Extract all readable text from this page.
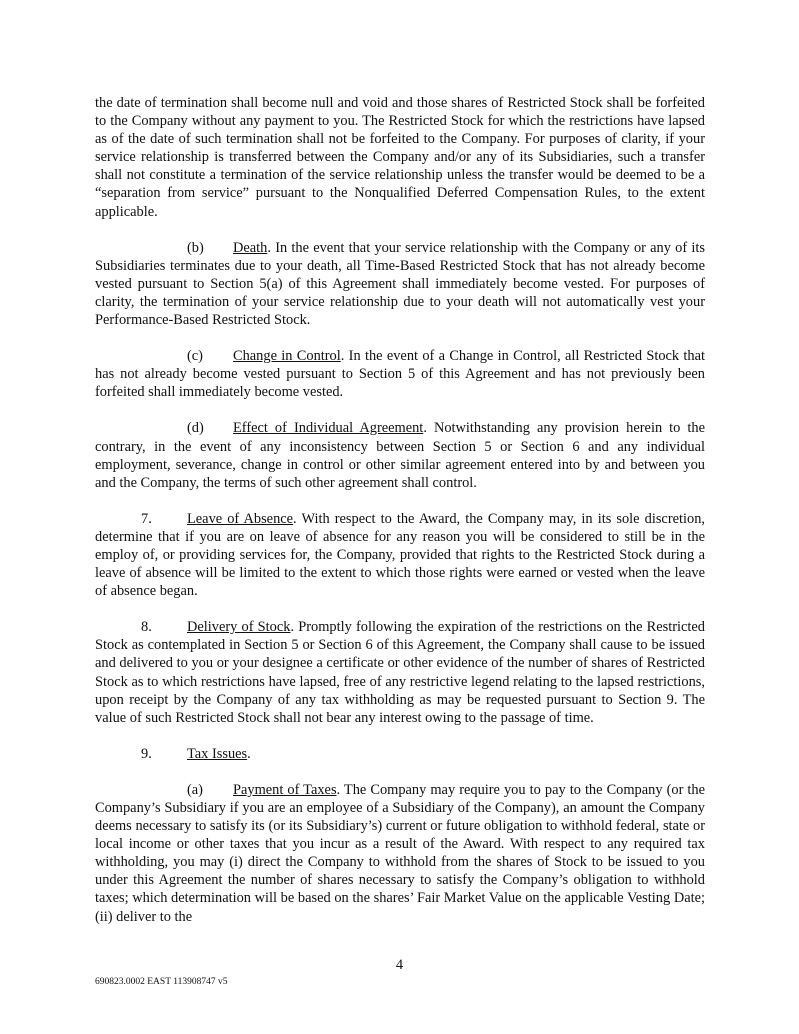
the date of termination shall become null and void and those shares of Restricted Stock shall be forfeited to the Company without any payment to you. The Restricted Stock for which the restrictions have lapsed as of the date of such termination shall not be forfeited to the Company. For purposes of clarity, if your service relationship is transferred between the Company and/or any of its Subsidiaries, such a transfer shall not constitute a termination of the service relationship unless the transfer would be deemed to be a “separation from service” pursuant to the Nonqualified Deferred Compensation Rules, to the extent applicable.

(b) Death. In the event that your service relationship with the Company or any of its Subsidiaries terminates due to your death, all Time-Based Restricted Stock that has not already become vested pursuant to Section 5(a) of this Agreement shall immediately become vested. For purposes of clarity, the termination of your service relationship due to your death will not automatically vest your Performance-Based Restricted Stock.

(c) Change in Control. In the event of a Change in Control, all Restricted Stock that has not already become vested pursuant to Section 5 of this Agreement and has not previously been forfeited shall immediately become vested.

(d) Effect of Individual Agreement. Notwithstanding any provision herein to the contrary, in the event of any inconsistency between Section 5 or Section 6 and any individual employment, severance, change in control or other similar agreement entered into by and between you and the Company, the terms of such other agreement shall control.

7. Leave of Absence. With respect to the Award, the Company may, in its sole discretion, determine that if you are on leave of absence for any reason you will be considered to still be in the employ of, or providing services for, the Company, provided that rights to the Restricted Stock during a leave of absence will be limited to the extent to which those rights were earned or vested when the leave of absence began.

8. Delivery of Stock. Promptly following the expiration of the restrictions on the Restricted Stock as contemplated in Section 5 or Section 6 of this Agreement, the Company shall cause to be issued and delivered to you or your designee a certificate or other evidence of the number of shares of Restricted Stock as to which restrictions have lapsed, free of any restrictive legend relating to the lapsed restrictions, upon receipt by the Company of any tax withholding as may be requested pursuant to Section 9. The value of such Restricted Stock shall not bear any interest owing to the passage of time.

9. Tax Issues.

(a) Payment of Taxes. The Company may require you to pay to the Company (or the Company’s Subsidiary if you are an employee of a Subsidiary of the Company), an amount the Company deems necessary to satisfy its (or its Subsidiary’s) current or future obligation to withhold federal, state or local income or other taxes that you incur as a result of the Award. With respect to any required tax withholding, you may (i) direct the Company to withhold from the shares of Stock to be issued to you under this Agreement the number of shares necessary to satisfy the Company’s obligation to withhold taxes; which determination will be based on the shares’ Fair Market Value on the applicable Vesting Date; (ii) deliver to the

4
690823.0002 EAST 113908747 v5
